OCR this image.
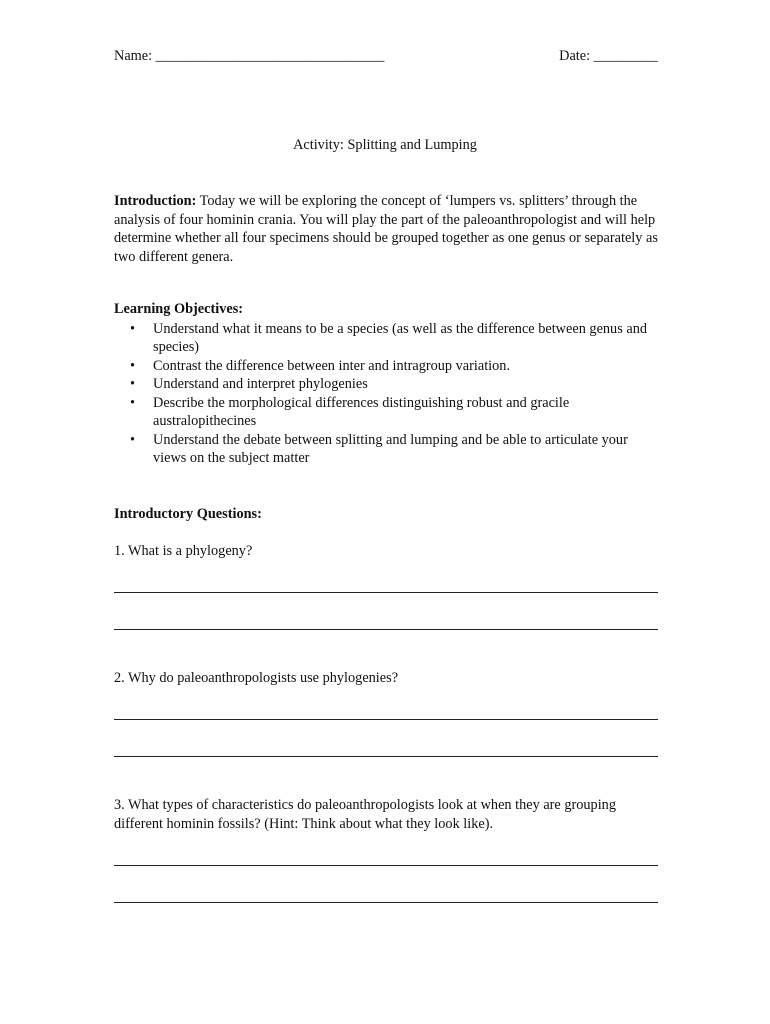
Name: ________________________________	Date: _________
Activity: Splitting and Lumping
Introduction: Today we will be exploring the concept of ‘lumpers vs. splitters’ through the analysis of four hominin crania. You will play the part of the paleoanthropologist and will help determine whether all four specimens should be grouped together as one genus or separately as two different genera.
Learning Objectives:
• Understand what it means to be a species (as well as the difference between genus and species)
• Contrast the difference between inter and intragroup variation.
• Understand and interpret phylogenies
• Describe the morphological differences distinguishing robust and gracile australopithecines
• Understand the debate between splitting and lumping and be able to articulate your views on the subject matter
Introductory Questions:
1. What is a phylogeny?
2. Why do paleoanthropologists use phylogenies?
3. What types of characteristics do paleoanthropologists look at when they are grouping different hominin fossils? (Hint: Think about what they look like).
